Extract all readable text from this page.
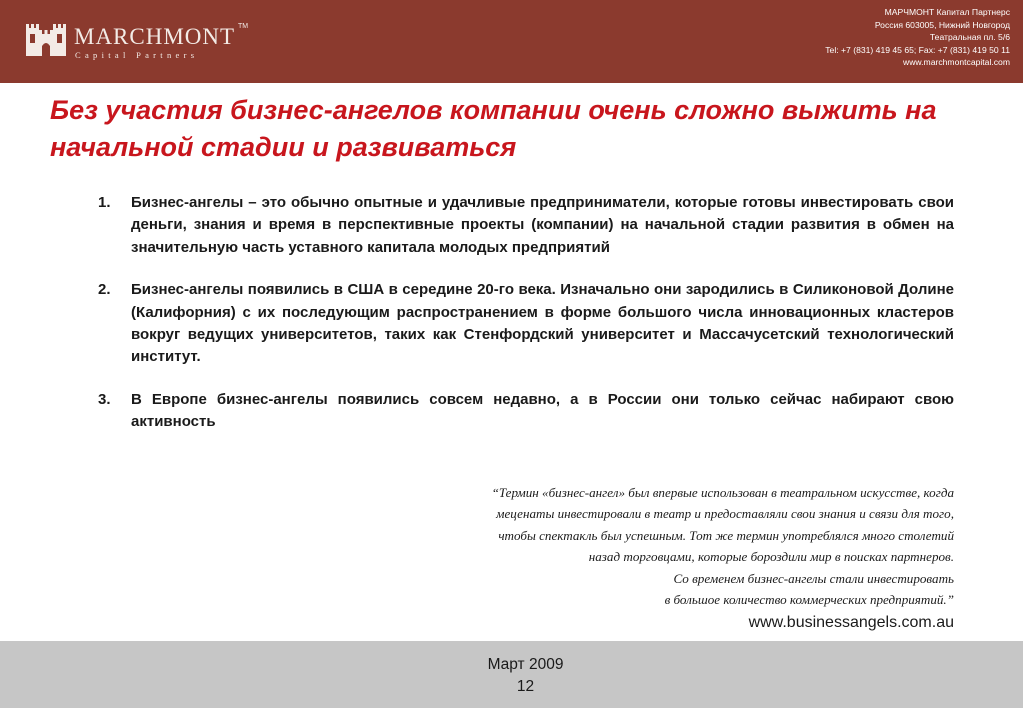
MARCHMONT TM
Capital Partners
МАРЧМОНТ Капитал Партнерс
Россия 603005, Нижний Новгород
Театральная пл. 5/6
Tel: +7 (831) 419 45 65; Fax: +7 (831) 419 50 11
www.marchmontcapital.com
Без участия бизнес-ангелов компании очень сложно выжить на начальной стадии и развиваться
1. Бизнес-ангелы – это обычно опытные и удачливые предприниматели, которые готовы инвестировать свои деньги, знания и время в перспективные проекты (компании) на начальной стадии развития в обмен на значительную часть уставного капитала молодых предприятий
2. Бизнес-ангелы появились в США в середине 20-го века. Изначально они зародились в Силиконовой Долине (Калифорния) с их последующим распространением в форме большого числа инновационных кластеров вокруг ведущих университетов, таких как Стенфордский университет и Массачусетский технологический институт.
3. В Европе бизнес-ангелы появились совсем недавно, а в России они только сейчас набирают свою активность
“Термин «бизнес-ангел» был впервые использован в театральном искусстве, когда
меценаты инвестировали в театр и предоставляли свои знания и связи для того,
чтобы спектакль был успешным. Тот же термин употреблялся много столетий
назад торговцами, которые бороздили мир в поисках партнеров.
Со временем бизнес-ангелы стали инвестировать
в большое количество коммерческих предприятий.”
www.businessangels.com.au
Март 2009
12
